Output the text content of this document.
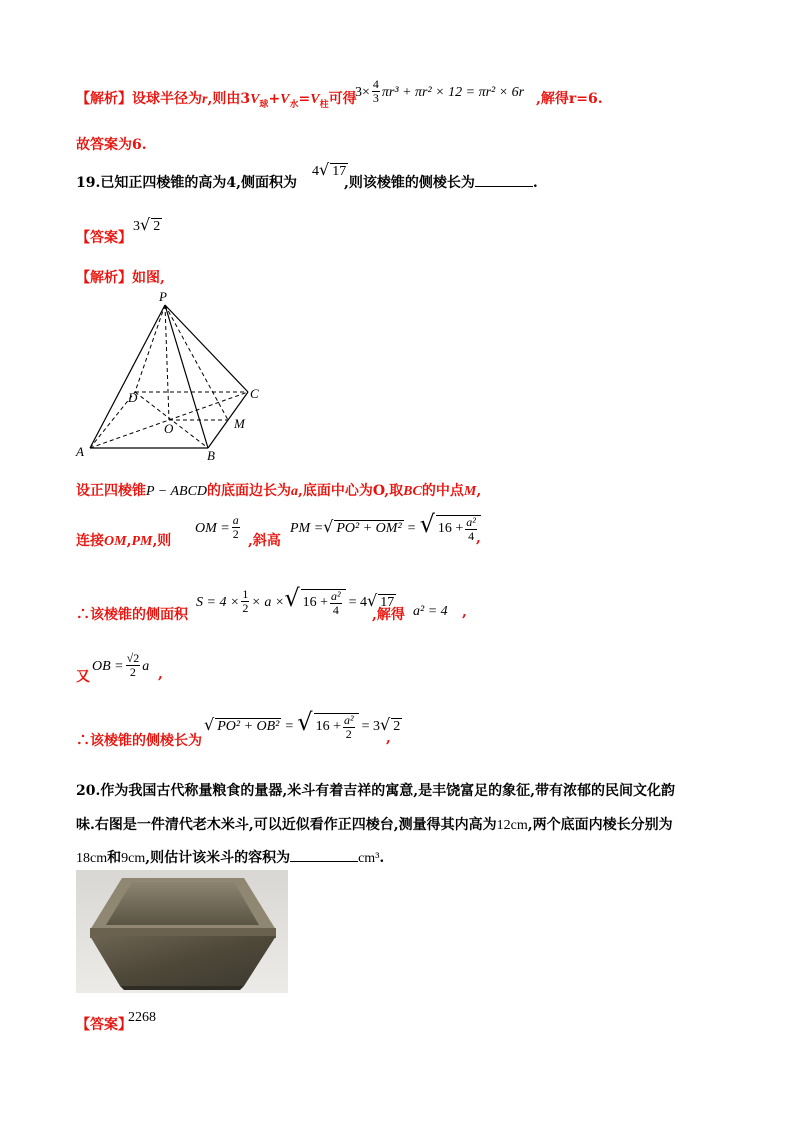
【解析】设球半径为r,则由$3V_球+V_水=V_柱$可得
$3\times \frac{4}{3} \pi r^3 + \pi r^2 \times 12 = \pi r^2 \times 6r$ ,解得r=6.
故答案为6.
19.已知正四棱锥的高为4,侧面积为
4√ 17
,则该棱锥的侧棱长为	.
【答案】
3√ 2
【解析】如图,
P
D	C
O	M
A	B
设正四棱锥P − ABCD的底面边长为a,底面中心为O,取BC的中点M,
连接OM,PM,则
OM = $\frac{a}{2}$ ,斜高
PM =√ PO² + OM² = √ $16 + \frac{\text{a²}}{4}$ ,
∴该棱锥的侧面积
$S = 4 \times \frac{1}{2} \times a$ ×√ $16 + \frac{\text{a²}}{4} = 4√$ 17
,解得 a² = 4 ,
又
OB = $\frac{√2}{2}$ a ,
∴该棱锥的侧棱长为
√ PO² + OB² = √ $16 + \frac{\text{a²}}{2} = 3√$ 2
,
20.作为我国古代称量粮食的量器,米斗有着吉祥的寓意,是丰饶富足的象征,带有浓郁的民间文化韵
味.右图是一件清代老木米斗,可以近似看作正四棱台,测量得其内高为12cm,两个底面内棱长分别为
18cm和9cm,则估计该米斗的容积为	cm³.
【答案】
2268
